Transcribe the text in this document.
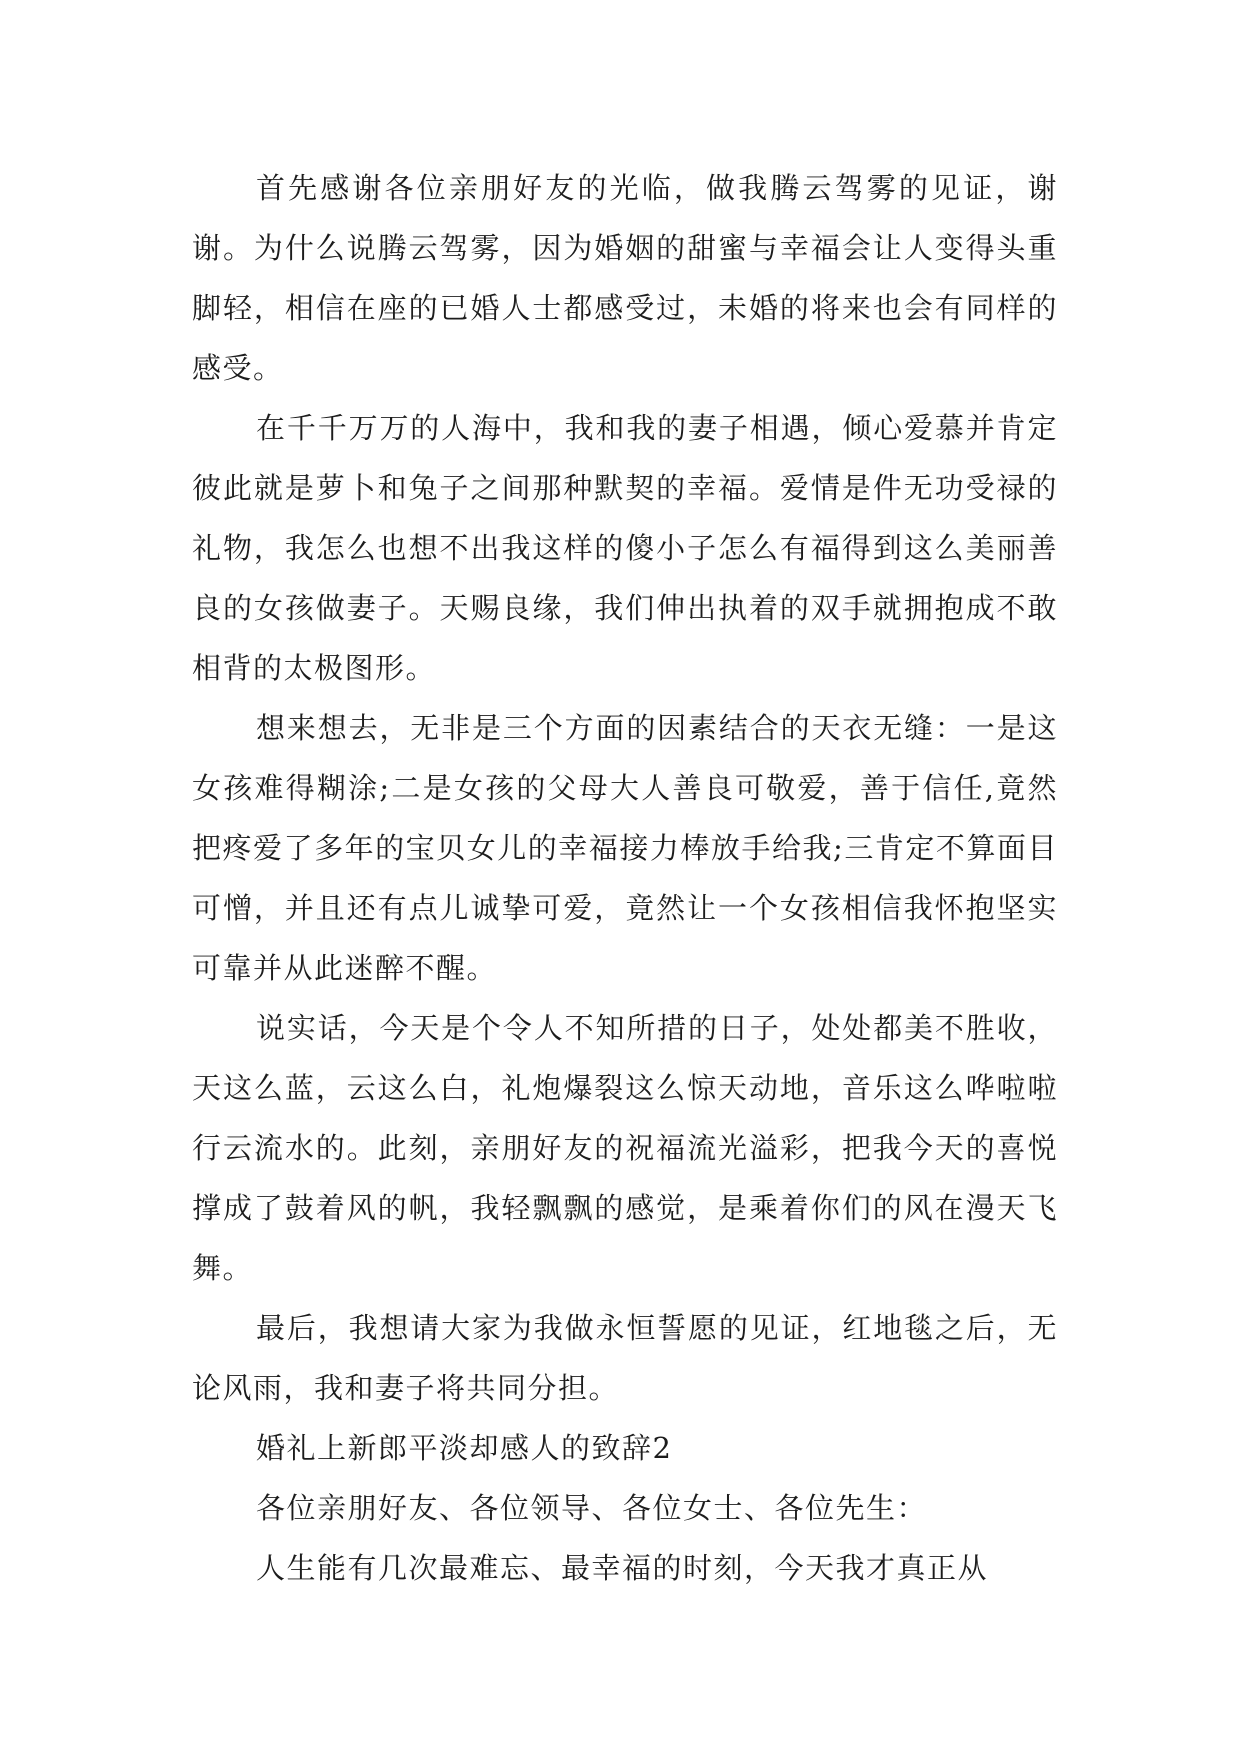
首先感谢各位亲朋好友的光临，做我腾云驾雾的见证，谢谢。为什么说腾云驾雾，因为婚姻的甜蜜与幸福会让人变得头重脚轻，相信在座的已婚人士都感受过，未婚的将来也会有同样的感受。

在千千万万的人海中，我和我的妻子相遇，倾心爱慕并肯定彼此就是萝卜和兔子之间那种默契的幸福。爱情是件无功受禄的礼物，我怎么也想不出我这样的傻小子怎么有福得到这么美丽善良的女孩做妻子。天赐良缘，我们伸出执着的双手就拥抱成不敢相背的太极图形。

想来想去，无非是三个方面的因素结合的天衣无缝：一是这女孩难得糊涂;二是女孩的父母大人善良可敬爱，善于信任,竟然把疼爱了多年的宝贝女儿的幸福接力棒放手给我;三肯定不算面目可憎，并且还有点儿诚挚可爱，竟然让一个女孩相信我怀抱坚实可靠并从此迷醉不醒。

说实话，今天是个令人不知所措的日子，处处都美不胜收，天这么蓝，云这么白，礼炮爆裂这么惊天动地，音乐这么哗啦啦行云流水的。此刻，亲朋好友的祝福流光溢彩，把我今天的喜悦撑成了鼓着风的帆，我轻飘飘的感觉，是乘着你们的风在漫天飞舞。

最后，我想请大家为我做永恒誓愿的见证，红地毯之后，无论风雨，我和妻子将共同分担。

婚礼上新郎平淡却感人的致辞2

各位亲朋好友、各位领导、各位女士、各位先生：

人生能有几次最难忘、最幸福的时刻，今天我才真正从
